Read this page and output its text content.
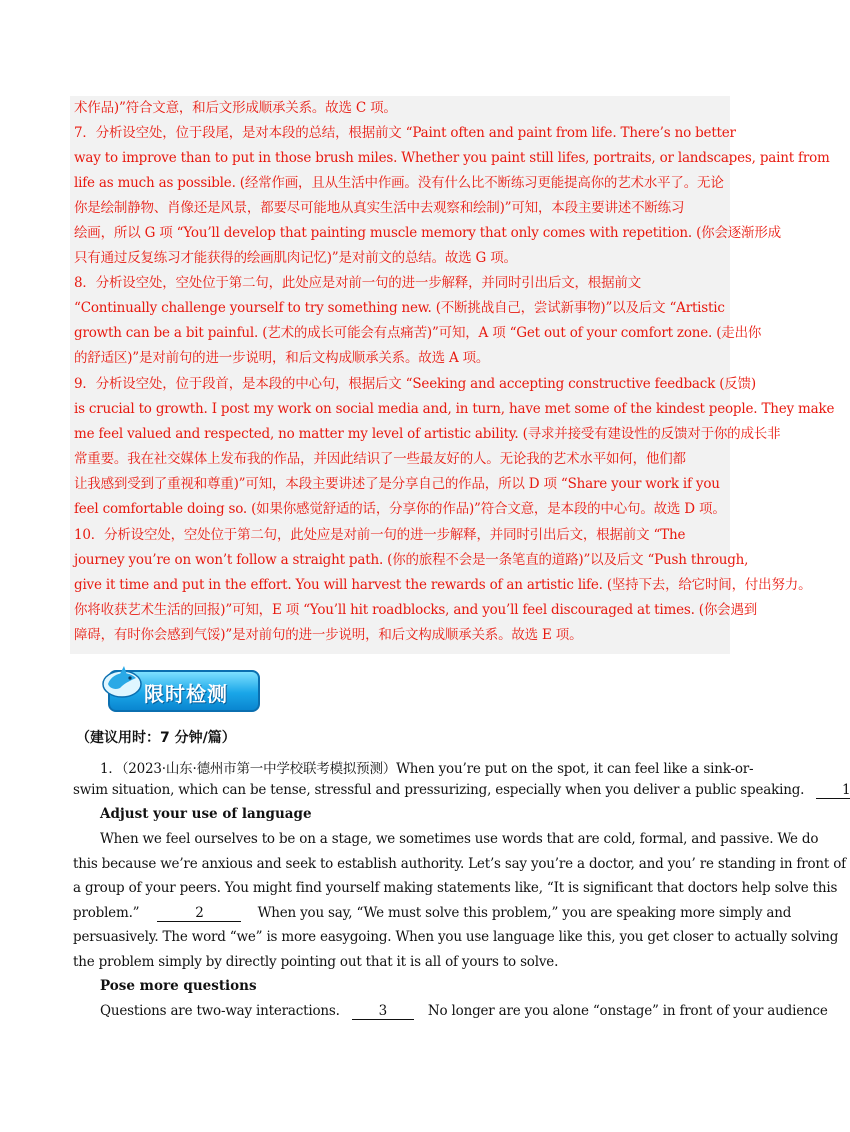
术作品)”符合文意，和后文形成顺承关系。故选 C 项。
7．分析设空处，位于段尾，是对本段的总结，根据前文 “Paint often and paint from life. There’s no better
way to improve than to put in those brush miles. Whether you paint still lifes, portraits, or landscapes, paint from
life as much as possible. (经常作画，且从生活中作画。没有什么比不断练习更能提高你的艺术水平了。无论
你是绘制静物、肖像还是风景，都要尽可能地从真实生活中去观察和绘制)”可知，本段主要讲述不断练习
绘画，所以 G 项 “You’ll develop that painting muscle memory that only comes with repetition. (你会逐渐形成
只有通过反复练习才能获得的绘画肌肉记忆)”是对前文的总结。故选 G 项。
8．分析设空处，空处位于第二句，此处应是对前一句的进一步解释，并同时引出后文，根据前文
“Continually challenge yourself to try something new. (不断挑战自己，尝试新事物)”以及后文 “Artistic
growth can be a bit painful. (艺术的成长可能会有点痛苦)”可知，A 项 “Get out of your comfort zone. (走出你
的舒适区)”是对前句的进一步说明，和后文构成顺承关系。故选 A 项。
9．分析设空处，位于段首，是本段的中心句，根据后文 “Seeking and accepting constructive feedback (反馈)
is crucial to growth. I post my work on social media and, in turn, have met some of the kindest people. They make
me feel valued and respected, no matter my level of artistic ability. (寻求并接受有建设性的反馈对于你的成长非
常重要。我在社交媒体上发布我的作品，并因此结识了一些最友好的人。无论我的艺术水平如何，他们都
让我感到受到了重视和尊重)”可知，本段主要讲述了是分享自己的作品，所以 D 项 “Share your work if you
feel comfortable doing so. (如果你感觉舒适的话，分享你的作品)”符合文意，是本段的中心句。故选 D 项。
10．分析设空处，空处位于第二句，此处应是对前一句的进一步解释，并同时引出后文，根据前文 “The
journey you’re on won’t follow a straight path. (你的旅程不会是一条笔直的道路)”以及后文 “Push through,
give it time and put in the effort. You will harvest the rewards of an artistic life. (坚持下去，给它时间，付出努力。
你将收获艺术生活的回报)”可知，E 项 “You’ll hit roadblocks, and you’ll feel discouraged at times. (你会遇到
障碍，有时你会感到气馁)”是对前句的进一步说明，和后文构成顺承关系。故选 E 项。
限时检测
（建议用时：7 分钟/篇）
1．（2023·山东·德州市第一中学校联考模拟预测）When you’re put on the spot, it can feel like a sink-or-
swim situation, which can be tense, stressful and pressurizing, especially when you deliver a public speaking.	1
Adjust your use of language
When we feel ourselves to be on a stage, we sometimes use words that are cold, formal, and passive. We do
this because we’re anxious and seek to establish authority. Let’s say you’re a doctor, and you’ re standing in front of
a group of your peers. You might find yourself making statements like, “It is significant that doctors help solve this
problem.”	2	When you say, “We must solve this problem,” you are speaking more simply and
persuasively. The word “we” is more easygoing. When you use language like this, you get closer to actually solving
the problem simply by directly pointing out that it is all of yours to solve.
Pose more questions
Questions are two-way interactions.	3	No longer are you alone “onstage” in front of your audience
